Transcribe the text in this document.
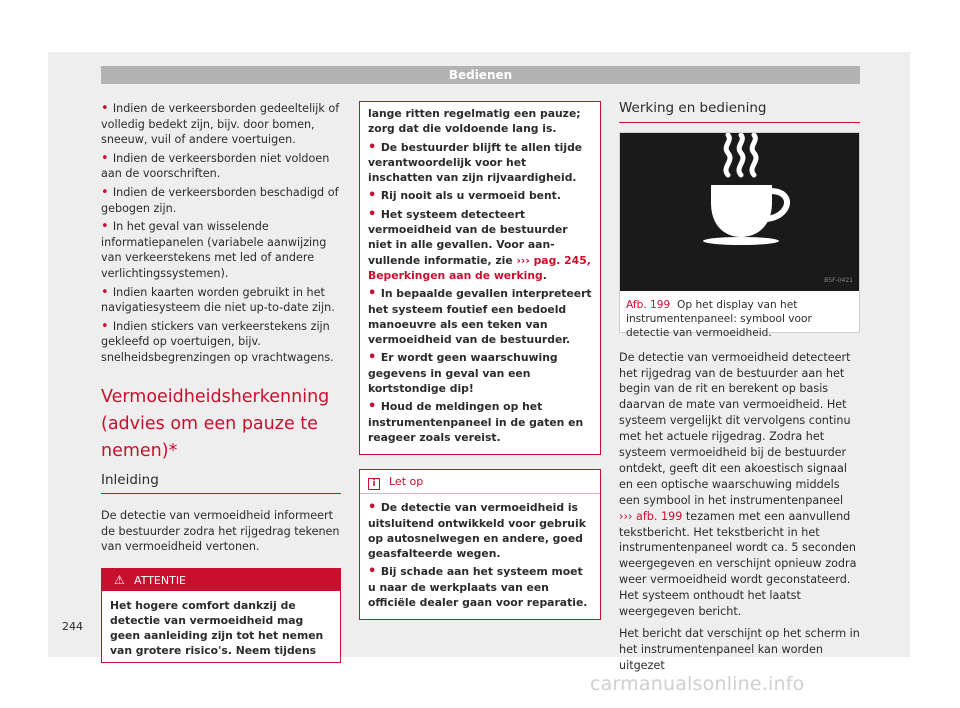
Bedienen
• Indien de verkeersborden gedeeltelijk of volledig bedekt zijn, bijv. door bomen, sneeuw, vuil of andere voertuigen.
• Indien de verkeersborden niet voldoen aan de voorschriften.
• Indien de verkeersborden beschadigd of gebogen zijn.
• In het geval van wisselende informatiepanelen (variabele aanwijzing van verkeerstekens met led of andere verlichtingssystemen).
• Indien kaarten worden gebruikt in het navigatiesysteem die niet up-to-date zijn.
• Indien stickers van verkeerstekens zijn gekleefd op voertuigen, bijv. snelheidsbegrenzingen op vrachtwagens.
Vermoeidheidsherkenning (advies om een pauze te nemen)*
Inleiding
De detectie van vermoeidheid informeert de bestuurder zodra het rijgedrag tekenen van vermoeidheid vertonen.
⚠ ATTENTIE
Het hogere comfort dankzij de detectie van vermoeidheid mag geen aanleiding zijn tot het nemen van grotere risico's. Neem tijdens
lange ritten regelmatig een pauze; zorg dat die voldoende lang is.
• De bestuurder blijft te allen tijde verantwoordelijk voor het inschatten van zijn rijvaardigheid.
• Rij nooit als u vermoeid bent.
• Het systeem detecteert vermoeidheid van de bestuurder niet in alle gevallen. Voor aanvullende informatie, zie ››› pag. 245, Beperkingen aan de werking.
• In bepaalde gevallen interpreteert het systeem foutief een bedoeld manoeuvre als een teken van vermoeidheid van de bestuurder.
• Er wordt geen waarschuwing gegevens in geval van een kortstondige dip!
• Houd de meldingen op het instrumentenpaneel in de gaten en reageer zoals vereist.
i Let op
• De detectie van vermoeidheid is uitsluitend ontwikkeld voor gebruik op autosnelwegen en andere, goed geasfalteerde wegen.
• Bij schade aan het systeem moet u naar de werkplaats van een officiële dealer gaan voor reparatie.
Werking en bediening
B5F-0421
Afb. 199 Op het display van het instrumentenpaneel: symbool voor detectie van vermoeidheid.
De detectie van vermoeidheid detecteert het rijgedrag van de bestuurder aan het begin van de rit en berekent op basis daarvan de mate van vermoeidheid. Het systeem vergelijkt dit vervolgens continu met het actuele rijgedrag. Zodra het systeem vermoeidheid bij de bestuurder ontdekt, geeft dit een akoestisch signaal en een optische waarschuwing middels een symbool in het instrumentenpaneel ››› afb. 199 tezamen met een aanvullend tekstbericht. Het tekstbericht in het instrumentenpaneel wordt ca. 5 seconden weergegeven en verschijnt opnieuw zodra weer vermoeidheid wordt geconstateerd. Het systeem onthoudt het laatst weergegeven bericht.
Het bericht dat verschijnt op het scherm in het instrumentenpaneel kan worden uitgezet
244
carmanualsonline.info
